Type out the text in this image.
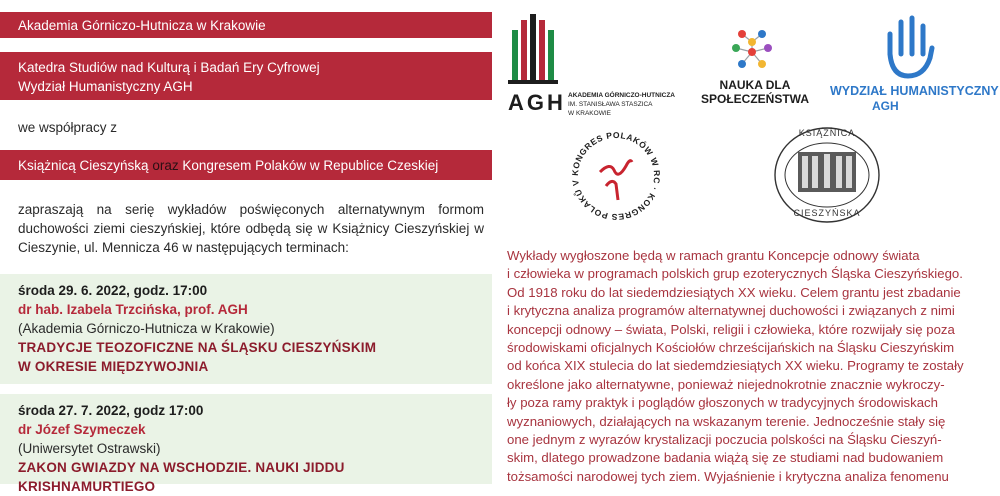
Akademia Górniczo-Hutnicza w Krakowie
Katedra Studiów nad Kulturą i Badań Ery Cyfrowej
Wydział Humanistyczny AGH
we współpracy z
Książnicą Cieszyńską oraz Kongresem Polaków w Republice Czeskiej
zapraszają na serię wykładów poświęconych alternatywnym formom duchowości ziemi cieszyńskiej, które odbędą się w Książnicy Cieszyńskiej w Cieszynie, ul. Mennicza 46 w następujących terminach:
środa 29. 6. 2022, godz. 17:00
dr hab. Izabela Trzcińska, prof. AGH
(Akademia Górniczo-Hutnicza w Krakowie)
TRADYCJE TEOZOFICZNE NA ŚLĄSKU CIESZYŃSKIM
W OKRESIE MIĘDZYWOJNIA
środa 27. 7. 2022, godz 17:00
dr Józef Szymeczek
(Uniwersytet Ostrawski)
ZAKON GWIAZDY NA WSCHODZIE. NAUKI JIDDU KRISHNAMURTIEGO
AGH AKADEMIA GÓRNICZO-HUTNICZA
IM. STANISŁAWA STASZICA
W KRAKOWIE
NAUKA DLA
SPOŁECZEŃSTWA
WYDZIAŁ HUMANISTYCZNY
AGH
KONGRES POLAKÓW W RC · KONGRES POLAKŮ V
KSIĄŻNICA
CIESZYŃSKA
Wykłady wygłoszone będą w ramach grantu Koncepcje odnowy świata
i człowieka w programach polskich grup ezoterycznych Śląska Cieszyńskiego.
Od 1918 roku do lat siedemdziesiątych XX wieku. Celem grantu jest zbadanie
i krytyczna analiza programów alternatywnej duchowości i związanych z nimi
koncepcji odnowy – świata, Polski, religii i człowieka, które rozwijały się poza
środowiskami oficjalnych Kościołów chrześcijańskich na Śląsku Cieszyńskim
od końca XIX stulecia do lat siedemdziesiątych XX wieku. Programy te zostały
określone jako alternatywne, ponieważ niejednokrotnie znacznie wykroczy-
ły poza ramy praktyk i poglądów głoszonych w tradycyjnych środowiskach
wyznaniowych, działających na wskazanym terenie. Jednocześnie stały się
one jednym z wyrazów krystalizacji poczucia polskości na Śląsku Cieszyń-
skim, dlatego prowadzone badania wiążą się ze studiami nad budowaniem
tożsamości narodowej tych ziem. Wyjaśnienie i krytyczna analiza fenomenu
